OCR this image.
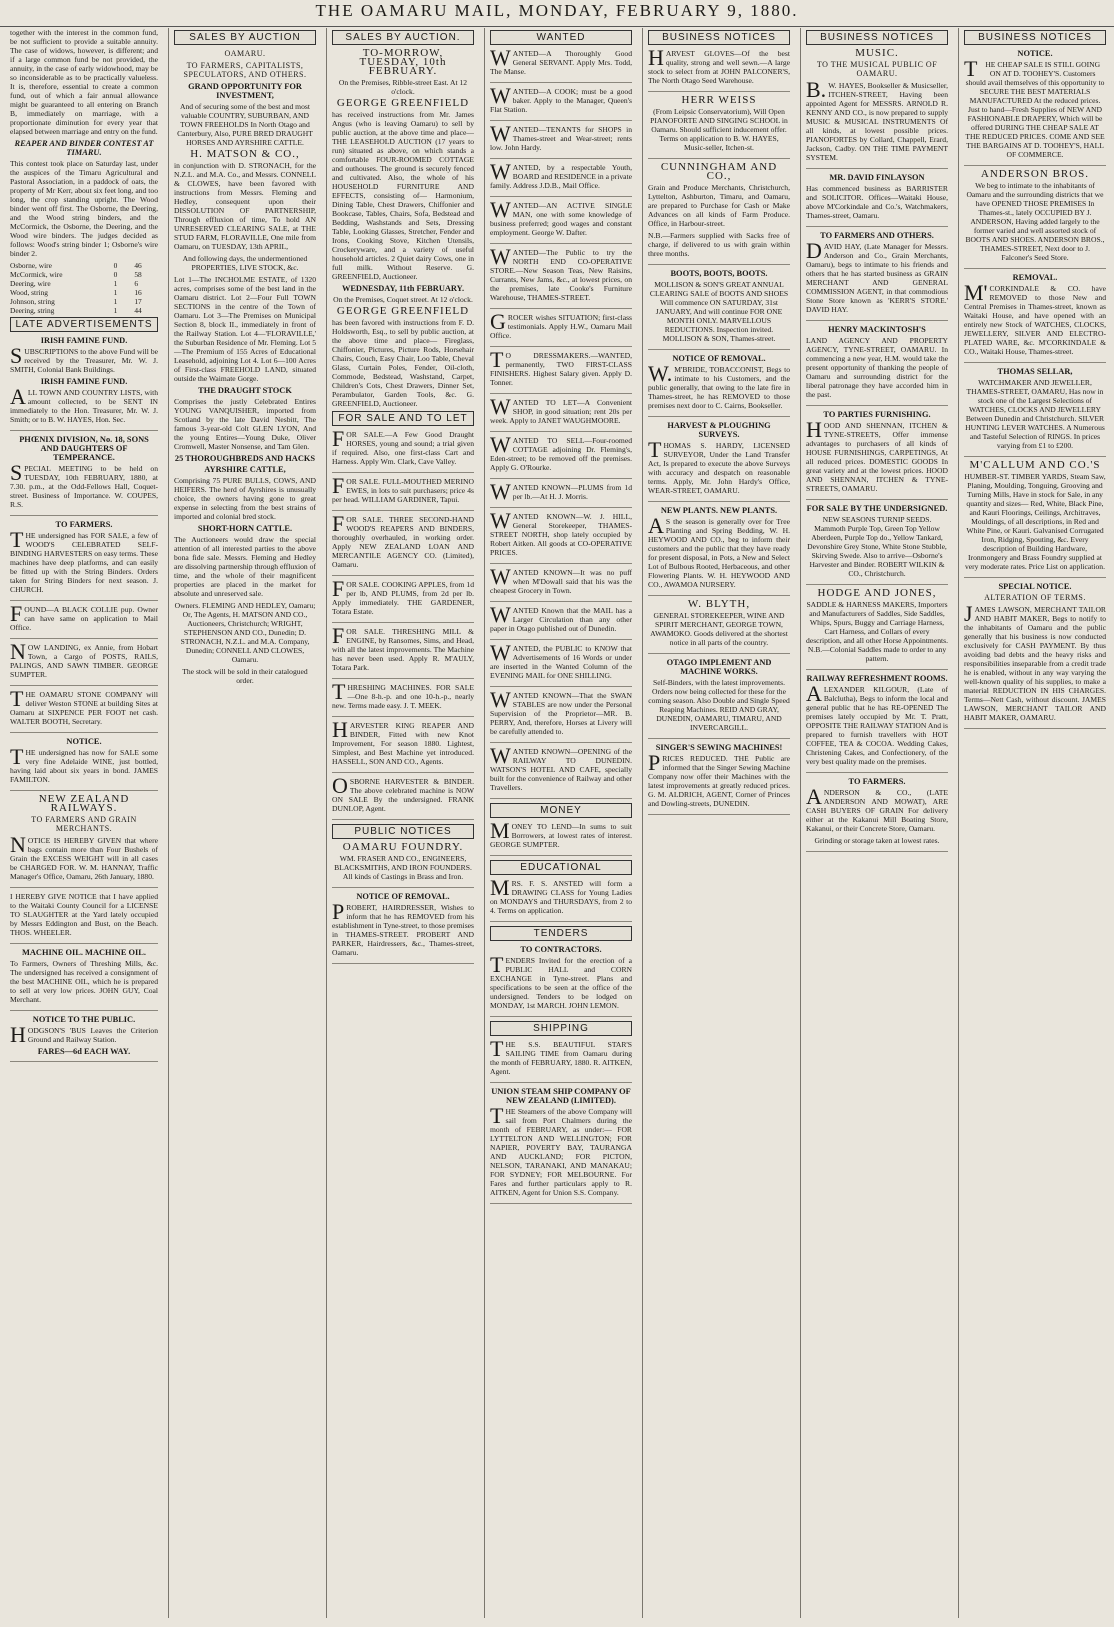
THE OAMARU MAIL, MONDAY, FEBRUARY 9, 1880.

together with the interest in the common fund, be not sufficient to provide a suitable annuity. The case of widows, however, is different; and if a large common fund be not provided, the annuity, in the case of early widowhood, may be so inconsiderable as to be practically valueless. It is, therefore, essential to create a common fund, out of which a fair annual allowance might be guaranteed to all entering on Branch B, immediately on marriage, with a proportionate diminution for every year that elapsed between marriage and entry on the fund.

REAPER AND BINDER CONTEST AT TIMARU.

This contest took place on Saturday last, under the auspices of the Timaru Agricultural and Pastoral Association, in a paddock of oats, the property of Mr Kerr, about six feet long, and too long, the crop standing upright. The Wood binder went off first. The Osborne, the Deering, and the Wood string binders, and the McCormick, the Osborne, the Deering, and the Wood wire binders. The judges decided as follows: Wood's string binder 1; Osborne's wire binder 2.

Osborne, wire	0 46
McCormick, wire	0 58
Deering, wire	1 6
Wood, string	1 16
Johnson, string	1 17
Deering, string	1 44
LATE ADVERTISEMENTS

IRISH FAMINE FUND.

SUBSCRIPTIONS to the above Fund will be received by the Treasurer, Mr. W. J. SMITH, Colonial Bank Buildings.

IRISH FAMINE FUND.

ALL TOWN AND COUNTRY LISTS, with amount collected, to be SENT IN immediately to the Hon. Treasurer, Mr. W. J. Smith; or to B. W. HAYES, Hon. Sec.

PHŒNIX DIVISION, No. 18, SONS AND DAUGHTERS OF TEMPERANCE.

SPECIAL MEETING to be held on TUESDAY, 10th FEBRUARY, 1880, at 7.30. p.m., at the Odd-Fellows Hall, Coquet-street. Business of Importance. W. COUPES, R.S.

TO FARMERS.

THE undersigned has FOR SALE, a few of WOOD'S CELEBRATED SELF-BINDING HARVESTERS on easy terms. These machines have deep platforms, and can easily be fitted up with the String Binders. Orders taken for String Binders for next season. J. CHURCH.

FOUND—A BLACK COLLIE pup. Owner can have same on application to Mail Office.

NOW LANDING, ex Annie, from Hobart Town, a Cargo of POSTS, RAILS, PALINGS, AND SAWN TIMBER. GEORGE SUMPTER.

THE OAMARU STONE COMPANY will deliver Weston STONE at building Sites at Oamaru at SIXPENCE PER FOOT net cash. WALTER BOOTH, Secretary.

NOTICE.

THE undersigned has now for SALE some very fine Adelaide WINE, just bottled, having laid about six years in bond. JAMES FAMILTON.

NEW ZEALAND RAILWAYS.

TO FARMERS AND GRAIN MERCHANTS.

NOTICE IS HEREBY GIVEN that where bags contain more than Four Bushels of Grain the EXCESS WEIGHT will in all cases be CHARGED FOR. W. M. HANNAY, Traffic Manager's Office, Oamaru, 26th January, 1880.

I HEREBY GIVE NOTICE that I have applied to the Waitaki County Council for a LICENSE TO SLAUGHTER at the Yard lately occupied by Messrs Eddington and Bust, on the Beach. THOS. WHEELER.

MACHINE OIL. MACHINE OIL.

To Farmers, Owners of Threshing Mills, &c. The undersigned has received a consignment of the best MACHINE OIL, which he is prepared to sell at very low prices. JOHN GUY, Coal Merchant.

NOTICE TO THE PUBLIC.

HODGSON'S 'BUS Leaves the Criterion Ground and Railway Station.

FARES—6d EACH WAY.

SALES BY AUCTION

OAMARU.

TO FARMERS, CAPITALISTS, SPECULATORS, AND OTHERS.

GRAND OPPORTUNITY FOR INVESTMENT,

And of securing some of the best and most valuable COUNTRY, SUBURBAN, AND TOWN FREEHOLDS In North Otago and Canterbury, Also, PURE BRED DRAUGHT HORSES AND AYRSHIRE CATTLE.

H. MATSON & CO.,

in conjunction with D. STRONACH, for the N.Z.L. and M.A. Co., and Messrs. CONNELL & CLOWES, have been favored with instructions from Messrs. Fleming and Hedley, consequent upon their DISSOLUTION OF PARTNERSHIP, Through effluxion of time, To hold AN UNRESERVED CLEARING SALE, at THE STUD FARM, FLORAVILLE, One mile from Oamaru, on TUESDAY, 13th APRIL,

And following days, the undermentioned PROPERTIES, LIVE STOCK, &c.

Lot 1—The INCHOLME ESTATE, of 1320 acres, comprises some of the best land in the Oamaru district. Lot 2—Four Full TOWN SECTIONS in the centre of the Town of Oamaru. Lot 3—The Premises on Municipal Section 8, block II., immediately in front of the Railway Station. Lot 4—'FLORAVILLE,' the Suburban Residence of Mr. Fleming. Lot 5—The Premium of 155 Acres of Educational Leasehold, adjoining Lot 4. Lot 6—100 Acres of First-class FREEHOLD LAND, situated outside the Waimate Gorge.

THE DRAUGHT STOCK

Comprises the justly Celebrated Entires YOUNG VANQUISHER, imported from Scotland by the late David Nesbitt, The famous 3-year-old Colt GLEN LYON, And the young Entires—Young Duke, Oliver Cromwell, Master Nonsense, and Tam Glen.

25 THOROUGHBREDS AND HACKS

AYRSHIRE CATTLE,

Comprising 75 PURE BULLS, COWS, AND HEIFERS. The herd of Ayrshires is unusually choice, the owners having gone to great expense in selecting from the best strains of imported and colonial bred stock.

SHORT-HORN CATTLE.

The Auctioneers would draw the special attention of all interested parties to the above bona fide sale. Messrs. Fleming and Hedley are dissolving partnership through effluxion of time, and the whole of their magnificent properties are placed in the market for absolute and unreserved sale.

Owners. FLEMING AND HEDLEY, Oamaru; Or, The Agents, H. MATSON AND CO., Auctioneers, Christchurch; WRIGHT, STEPHENSON AND CO., Dunedin; D. STRONACH, N.Z.L. and M.A. Company, Dunedin; CONNELL AND CLOWES, Oamaru.

The stock will be sold in their catalogued order.

SALES BY AUCTION.

TO-MORROW, TUESDAY, 10th FEBRUARY.

On the Premises, Ribble-street East. At 12 o'clock.

GEORGE GREENFIELD

has received instructions from Mr. James Angus (who is leaving Oamaru) to sell by public auction, at the above time and place— THE LEASEHOLD AUCTION (17 years to run) situated as above, on which stands a comfortable FOUR-ROOMED COTTAGE and outhouses. The ground is securely fenced and cultivated. Also, the whole of his HOUSEHOLD FURNITURE AND EFFECTS, consisting of— Harmonium, Dining Table, Chest Drawers, Chiffonier and Bookcase, Tables, Chairs, Sofa, Bedstead and Bedding, Washstands and Sets, Dressing Table, Looking Glasses, Stretcher, Fender and Irons, Cooking Stove, Kitchen Utensils, Crockeryware, and a variety of useful household articles. 2 Quiet dairy Cows, one in full milk. Without Reserve. G. GREENFIELD, Auctioneer.

WEDNESDAY, 11th FEBRUARY.

On the Premises, Coquet street. At 12 o'clock.

GEORGE GREENFIELD

has been favored with instructions from F. D. Holdsworth, Esq., to sell by public auction, at the above time and place— Fireglass, Chiffonier, Pictures, Picture Rods, Horsehair Chairs, Couch, Easy Chair, Loo Table, Cheval Glass, Curtain Poles, Fender, Oil-cloth, Commode, Bedstead, Washstand, Carpet, Children's Cots, Chest Drawers, Dinner Set, Perambulator, Garden Tools, &c. G. GREENFIELD, Auctioneer.

FOR SALE AND TO LET

FOR SALE.—A Few Good Draught HORSES, young and sound; a trial given if required. Also, one first-class Cart and Harness. Apply Wm. Clark, Cave Valley.

FOR SALE. FULL-MOUTHED MERINO EWES, in lots to suit purchasers; price 4s per head. WILLIAM GARDINER, Tapui.

FOR SALE. THREE SECOND-HAND WOOD'S REAPERS AND BINDERS, thoroughly overhauled, in working order. Apply NEW ZEALAND LOAN AND MERCANTILE AGENCY CO. (Limited), Oamaru.

FOR SALE. COOKING APPLES, from 1d per lb, AND PLUMS, from 2d per lb. Apply immediately. THE GARDENER, Totara Estate.

FOR SALE. THRESHING MILL & ENGINE, by Ransomes, Sims, and Head, with all the latest improvements. The Machine has never been used. Apply R. M'AULY, Totara Park.

THRESHING MACHINES. FOR SALE—One 8-h.-p. and one 10-h.-p., nearly new. Terms made easy. J. T. MEEK.

HARVESTER KING REAPER AND BINDER, Fitted with new Knot Improvement, For season 1880. Lightest, Simplest, and Best Machine yet introduced. HASSELL, SON AND CO., Agents.

OSBORNE HARVESTER & BINDER. The above celebrated machine is NOW ON SALE By the undersigned. FRANK DUNLOP, Agent.

PUBLIC NOTICES

OAMARU FOUNDRY.

WM. FRASER AND CO., ENGINEERS, BLACKSMITHS, AND IRON FOUNDERS. All kinds of Castings in Brass and Iron.

NOTICE OF REMOVAL.

PROBERT, HAIRDRESSER, Wishes to inform that he has REMOVED from his establishment in Tyne-street, to those premises in THAMES-STREET. PROBERT AND PARKER, Hairdressers, &c., Thames-street, Oamaru.

WANTED

WANTED—A Thoroughly Good General SERVANT. Apply Mrs. Todd, The Manse.

WANTED—A COOK; must be a good baker. Apply to the Manager, Queen's Flat Station.

WANTED—TENANTS for SHOPS in Thames-street and Wear-street; rents low. John Hardy.

WANTED, by a respectable Youth, BOARD and RESIDENCE in a private family. Address J.D.B., Mail Office.

WANTED—AN ACTIVE SINGLE MAN, one with some knowledge of business preferred; good wages and constant employment. George W. Dafter.

WANTED—The Public to try the NORTH END CO-OPERATIVE STORE.—New Season Teas, New Raisins, Currants, New Jams, &c., at lowest prices, on the premises, late Cooke's Furniture Warehouse, THAMES-STREET.

GROCER wishes SITUATION; first-class testimonials. Apply H.W., Oamaru Mail Office.

TO DRESSMAKERS.—WANTED, permanently, TWO FIRST-CLASS FINISHERS. Highest Salary given. Apply D. Tonner.

WANTED TO LET—A Convenient SHOP, in good situation; rent 20s per week. Apply to JANET WAUGHMOORE.

WANTED TO SELL—Four-roomed COTTAGE adjoining Dr. Fleming's, Eden-street; to be removed off the premises. Apply G. O'Rourke.

WANTED KNOWN—PLUMS from 1d per lb.—At H. J. Morris.

WANTED KNOWN—W. J. HILL, General Storekeeper, THAMES-STREET NORTH, shop lately occupied by Robert Aitken. All goods at CO-OPERATIVE PRICES.

WANTED KNOWN—It was no puff when M'Dowall said that his was the cheapest Grocery in Town.

WANTED Known that the MAIL has a Larger Circulation than any other paper in Otago published out of Dunedin.

WANTED, the PUBLIC to KNOW that Advertisements of 16 Words or under are inserted in the Wanted Column of the EVENING MAIL for ONE SHILLING.

WANTED KNOWN—That the SWAN STABLES are now under the Personal Supervision of the Proprietor—MR. B. PERRY, And, therefore, Horses at Livery will be carefully attended to.

WANTED KNOWN—OPENING of the RAILWAY TO DUNEDIN. WATSON'S HOTEL AND CAFE, specially built for the convenience of Railway and other Travellers.

MONEY

MONEY TO LEND—In sums to suit Borrowers, at lowest rates of interest. GEORGE SUMPTER.

EDUCATIONAL

MRS. F. S. ANSTED will form a DRAWING CLASS for Young Ladies on MONDAYS and THURSDAYS, from 2 to 4. Terms on application.

TENDERS

TO CONTRACTORS.

TENDERS Invited for the erection of a PUBLIC HALL and CORN EXCHANGE in Tyne-street. Plans and specifications to be seen at the office of the undersigned. Tenders to be lodged on MONDAY, 1st MARCH. JOHN LEMON.

SHIPPING

THE S.S. BEAUTIFUL STAR'S SAILING TIME from Oamaru during the month of FEBRUARY, 1880. R. AITKEN, Agent.

UNION STEAM SHIP COMPANY OF NEW ZEALAND (LIMITED).

THE Steamers of the above Company will sail from Port Chalmers during the month of FEBRUARY, as under:— FOR LYTTELTON AND WELLINGTON; FOR NAPIER, POVERTY BAY, TAURANGA AND AUCKLAND; FOR PICTON, NELSON, TARANAKI, AND MANAKAU; FOR SYDNEY; FOR MELBOURNE. For Fares and further particulars apply to R. AITKEN, Agent for Union S.S. Company.

BUSINESS NOTICES

HARVEST GLOVES—Of the best quality, strong and well sewn.—A large stock to select from at JOHN PALCONER'S, The North Otago Seed Warehouse.

HERR WEISS

(From Leipsic Conservatorium), Will Open PIANOFORTE AND SINGING SCHOOL in Oamaru. Should sufficient inducement offer. Terms on application to B. W. HAYES, Music-seller, Itchen-st.

CUNNINGHAM AND CO.,

Grain and Produce Merchants, Christchurch, Lyttelton, Ashburton, Timaru, and Oamaru, are prepared to Purchase for Cash or Make Advances on all kinds of Farm Produce. Office, in Harbour-street.

N.B.—Farmers supplied with Sacks free of charge, if delivered to us with grain within three months.

BOOTS, BOOTS, BOOTS.

MOLLISON & SON'S GREAT ANNUAL CLEARING SALE of BOOTS AND SHOES Will commence ON SATURDAY, 31st JANUARY, And will continue FOR ONE MONTH ONLY. MARVELLOUS REDUCTIONS. Inspection invited. MOLLISON & SON, Thames-street.

NOTICE OF REMOVAL.

W.M'BRIDE, TOBACCONIST, Begs to intimate to his Customers, and the public generally, that owing to the late fire in Thames-street, he has REMOVED to those premises next door to C. Cairns, Bookseller.

HARVEST & PLOUGHING SURVEYS.

THOMAS S. HARDY, LICENSED SURVEYOR, Under the Land Transfer Act, Is prepared to execute the above Surveys with accuracy and despatch on reasonable terms. Apply, Mr. John Hardy's Office, WEAR-STREET, OAMARU.

NEW PLANTS. NEW PLANTS.

AS the season is generally over for Tree Planting and Spring Bedding, W. H. HEYWOOD AND CO., beg to inform their customers and the public that they have ready for present disposal, in Pots, a New and Select Lot of Bulbous Rooted, Herbaceous, and other Flowering Plants. W. H. HEYWOOD AND CO., AWAMOA NURSERY.

W. BLYTH,

GENERAL STOREKEEPER, WINE AND SPIRIT MERCHANT, GEORGE TOWN, AWAMOKO. Goods delivered at the shortest notice in all parts of the country.

OTAGO IMPLEMENT AND MACHINE WORKS.

Self-Binders, with the latest improvements. Orders now being collected for these for the coming season. Also Double and Single Speed Reaping Machines. REID AND GRAY, DUNEDIN, OAMARU, TIMARU, AND INVERCARGILL.

SINGER'S SEWING MACHINES!

PRICES REDUCED. THE Public are informed that the Singer Sewing Machine Company now offer their Machines with the latest improvements at greatly reduced prices. G. M. ALDRICH, AGENT, Corner of Princes and Dowling-streets, DUNEDIN.

BUSINESS NOTICES

MUSIC.

TO THE MUSICAL PUBLIC OF OAMARU.

B.W. HAYES, Bookseller & Musicseller, ITCHEN-STREET, Having been appointed Agent for MESSRS. ARNOLD R. KENNY AND CO., is now prepared to supply MUSIC & MUSICAL INSTRUMENTS Of all kinds, at lowest possible prices. PIANOFORTES by Collard, Chappell, Erard, Jackson, Cadby. ON THE TIME PAYMENT SYSTEM.

MR. DAVID FINLAYSON

Has commenced business as BARRISTER and SOLICITOR. Offices—Waitaki House, above M'Corkindale and Co.'s, Watchmakers, Thames-street, Oamaru.

TO FARMERS AND OTHERS.

DAVID HAY, (Late Manager for Messrs. Anderson and Co., Grain Merchants, Oamaru), begs to intimate to his friends and others that he has started business as GRAIN MERCHANT AND GENERAL COMMISSION AGENT, in that commodious Stone Store known as 'KERR'S STORE.' DAVID HAY.

HENRY MACKINTOSH'S

LAND AGENCY AND PROPERTY AGENCY, TYNE-STREET, OAMARU. In commencing a new year, H.M. would take the present opportunity of thanking the people of Oamaru and surrounding district for the liberal patronage they have accorded him in the past.

TO PARTIES FURNISHING.

HOOD AND SHENNAN, ITCHEN & TYNE-STREETS, Offer immense advantages to purchasers of all kinds of HOUSE FURNISHINGS, CARPETINGS, At all reduced prices. DOMESTIC GOODS In great variety and at the lowest prices. HOOD AND SHENNAN, ITCHEN & TYNE-STREETS, OAMARU.

FOR SALE BY THE UNDERSIGNED.

NEW SEASONS TURNIP SEEDS. Mammoth Purple Top, Green Top Yellow Aberdeen, Purple Top do., Yellow Tankard, Devonshire Grey Stone, White Stone Stubble, Skirving Swede. Also to arrive—Osborne's Harvester and Binder. ROBERT WILKIN & CO., Christchurch.

HODGE AND JONES,

SADDLE & HARNESS MAKERS, Importers and Manufacturers of Saddles, Side Saddles, Whips, Spurs, Buggy and Carriage Harness, Cart Harness, and Collars of every description, and all other Horse Appointments. N.B.—Colonial Saddles made to order to any pattern.

RAILWAY REFRESHMENT ROOMS.

ALEXANDER KILGOUR, (Late of Balclutha), Begs to inform the local and general public that he has RE-OPENED The premises lately occupied by Mr. T. Pratt, OPPOSITE THE RAILWAY STATION And is prepared to furnish travellers with HOT COFFEE, TEA & COCOA. Wedding Cakes, Christening Cakes, and Confectionery, of the very best quality made on the premises.

TO FARMERS.

ANDERSON & CO., (LATE ANDERSON AND MOWAT), ARE CASH BUYERS OF GRAIN For delivery either at the Kakanui Mill Boating Store, Kakanui, or their Concrete Store, Oamaru.

Grinding or storage taken at lowest rates.

BUSINESS NOTICES

NOTICE.

THE CHEAP SALE IS STILL GOING ON AT D. TOOHEY'S. Customers should avail themselves of this opportunity to SECURE THE BEST MATERIALS MANUFACTURED At the reduced prices. Just to hand—Fresh Supplies of NEW AND FASHIONABLE DRAPERY, Which will be offered DURING THE CHEAP SALE AT THE REDUCED PRICES. COME AND SEE THE BARGAINS AT D. TOOHEY'S, HALL OF COMMERCE.

ANDERSON BROS.

We beg to intimate to the inhabitants of Oamaru and the surrounding districts that we have OPENED THOSE PREMISES In Thames-st., lately OCCUPIED BY J. ANDERSON, Having added largely to the former varied and well assorted stock of BOOTS AND SHOES. ANDERSON BROS., THAMES-STREET, Next door to J. Falconer's Seed Store.

REMOVAL.

M'CORKINDALE & CO. have REMOVED to those New and Central Premises in Thames-street, known as Waitaki House, and have opened with an entirely new Stock of WATCHES, CLOCKS, JEWELLERY, SILVER AND ELECTRO-PLATED WARE, &c. M'CORKINDALE & CO., Waitaki House, Thames-street.

THOMAS SELLAR,

WATCHMAKER AND JEWELLER, THAMES-STREET, OAMARU, Has now in stock one of the Largest Selections of WATCHES, CLOCKS AND JEWELLERY Between Dunedin and Christchurch. SILVER HUNTING LEVER WATCHES. A Numerous and Tasteful Selection of RINGS. In prices varying from £1 to £200.

M'CALLUM AND CO.'S

HUMBER-ST. TIMBER YARDS, Steam Saw, Planing, Moulding, Tonguing, Grooving and Turning Mills, Have in stock for Sale, in any quantity and sizes— Red, White, Black Pine, and Kauri Floorings, Ceilings, Architraves, Mouldings, of all descriptions, in Red and White Pine, or Kauri. Galvanised Corrugated Iron, Ridging, Spouting, &c. Every description of Building Hardware, Ironmongery and Brass Foundry supplied at very moderate rates. Price List on application.

SPECIAL NOTICE.

ALTERATION OF TERMS.

JAMES LAWSON, MERCHANT TAILOR AND HABIT MAKER, Begs to notify to the inhabitants of Oamaru and the public generally that his business is now conducted exclusively for CASH PAYMENT. By thus avoiding bad debts and the heavy risks and responsibilities inseparable from a credit trade he is enabled, without in any way varying the well-known quality of his supplies, to make a material REDUCTION IN HIS CHARGES. Terms—Nett Cash, without discount. JAMES LAWSON, MERCHANT TAILOR AND HABIT MAKER, OAMARU.
